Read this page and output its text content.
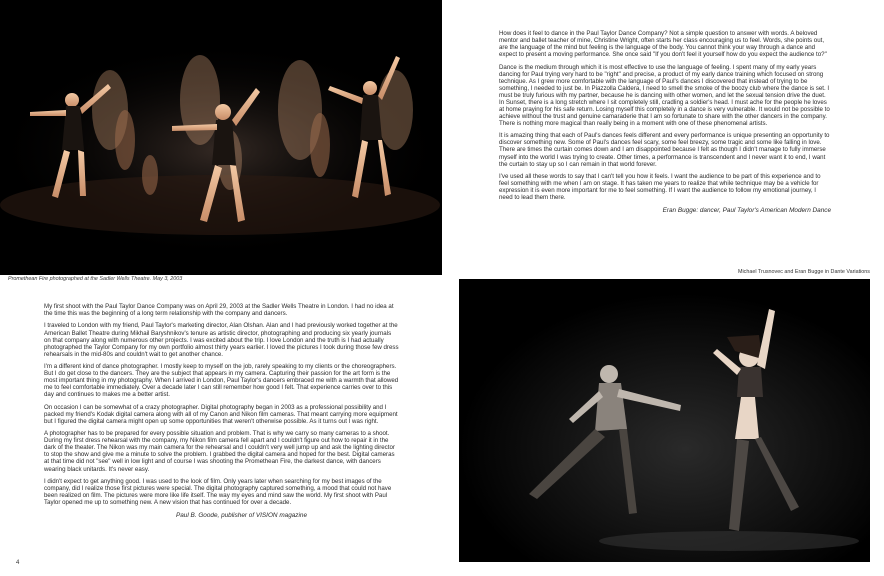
Promethean Fire photographed at the Sadler Wells Theatre. May 3, 2003

How does it feel to dance in the Paul Taylor Dance Company? Not a simple question to answer with words. A beloved mentor and ballet teacher of mine, Christine Wright, often starts her class encouraging us to feel. Words, she points out, are the language of the mind but feeling is the language of the body. You cannot think your way through a dance and expect to present a moving performance. She once said "If you don't feel it yourself how do you expect the audience to?"

Dance is the medium through which it is most effective to use the language of feeling. I spent many of my early years dancing for Paul trying very hard to be "right" and precise, a product of my early dance training which focused on strong technique. As I grew more comfortable with the language of Paul's dances I discovered that instead of trying to be something, I needed to just be. In Piazzolla Caldera, I need to smell the smoke of the boozy club where the dance is set. I must be truly furious with my partner, because he is dancing with other women, and let the sexual tension drive the duet. In Sunset, there is a long stretch where I sit completely still, cradling a soldier's head. I must ache for the people he loves at home praying for his safe return. Losing myself this completely in a dance is very vulnerable. It would not be possible to achieve without the trust and genuine camaraderie that I am so fortunate to share with the other dancers in the company. There is nothing more magical than really being in a moment with one of these phenomenal artists.

It is amazing thing that each of Paul's dances feels different and every performance is unique presenting an opportunity to discover something new. Some of Paul's dances feel scary, some feel breezy, some tragic and some like falling in love. There are times the curtain comes down and I am disappointed because I felt as though I didn't manage to fully immerse myself into the world I was trying to create. Other times, a performance is transcendent and I never want it to end, I want the curtain to stay up so I can remain in that world forever.

I've used all these words to say that I can't tell you how it feels. I want the audience to be part of this experience and to feel something with me when I am on stage. It has taken me years to realize that while technique may be a vehicle for expression it is even more important for me to feel something. If I want the audience to follow my emotional journey, I need to lead them there.

Eran Bugge: dancer, Paul Taylor's American Modern Dance

Michael Trusnovec and Eran Bugge in Dante Variations

My first shoot with the Paul Taylor Dance Company was on April 29, 2003 at the Sadler Wells Theatre in London. I had no idea at the time this was the beginning of a long term relationship with the company and dancers.

I traveled to London with my friend, Paul Taylor's marketing director, Alan Olshan. Alan and I had previously worked together at the American Ballet Theatre during Mikhail Baryshnikov's tenure as artistic director, photographing and producing six yearly journals on that company along with numerous other projects. I was excited about the trip. I love London and the truth is I had actually photographed the Taylor Company for my own portfolio almost thirty years earlier. I loved the pictures I took during those few dress rehearsals in the mid-80s and couldn't wait to get another chance.

I'm a different kind of dance photographer. I mostly keep to myself on the job, rarely speaking to my clients or the choreographers. But I do get close to the dancers. They are the subject that appears in my camera. Capturing their passion for the art form is the most important thing in my photography. When I arrived in London, Paul Taylor's dancers embraced me with a warmth that allowed me to feel comfortable immediately. Over a decade later I can still remember how good I felt. That experience carries over to this day and continues to makes me a better artist.

On occasion I can be somewhat of a crazy photographer. Digital photography began in 2003 as a professional possibility and I packed my friend's Kodak digital camera along with all of my Canon and Nikon film cameras. That meant carrying more equipment but I figured the digital camera might open up some opportunities that weren't otherwise possible. As it turns out I was right.

A photographer has to be prepared for every possible situation and problem. That is why we carry so many cameras to a shoot. During my first dress rehearsal with the company, my Nikon film camera fell apart and I couldn't figure out how to repair it in the dark of the theater. The Nikon was my main camera for the rehearsal and I couldn't very well jump up and ask the lighting director to stop the show and give me a minute to solve the problem. I grabbed the digital camera and hoped for the best. Digital cameras at that time did not "see" well in low light and of course I was shooting the Promethean Fire, the darkest dance, with dancers wearing black unitards. It's never easy.

I didn't expect to get anything good. I was used to the look of film. Only years later when searching for my best images of the company, did I realize those first pictures were special. The digital photography captured something, a mood that could not have been realized on film. The pictures were more like life itself. The way my eyes and mind saw the world. My first shoot with Paul Taylor opened me up to something new. A new vision that has continued for over a decade.

Paul B. Goode, publisher of VISION magazine

4
